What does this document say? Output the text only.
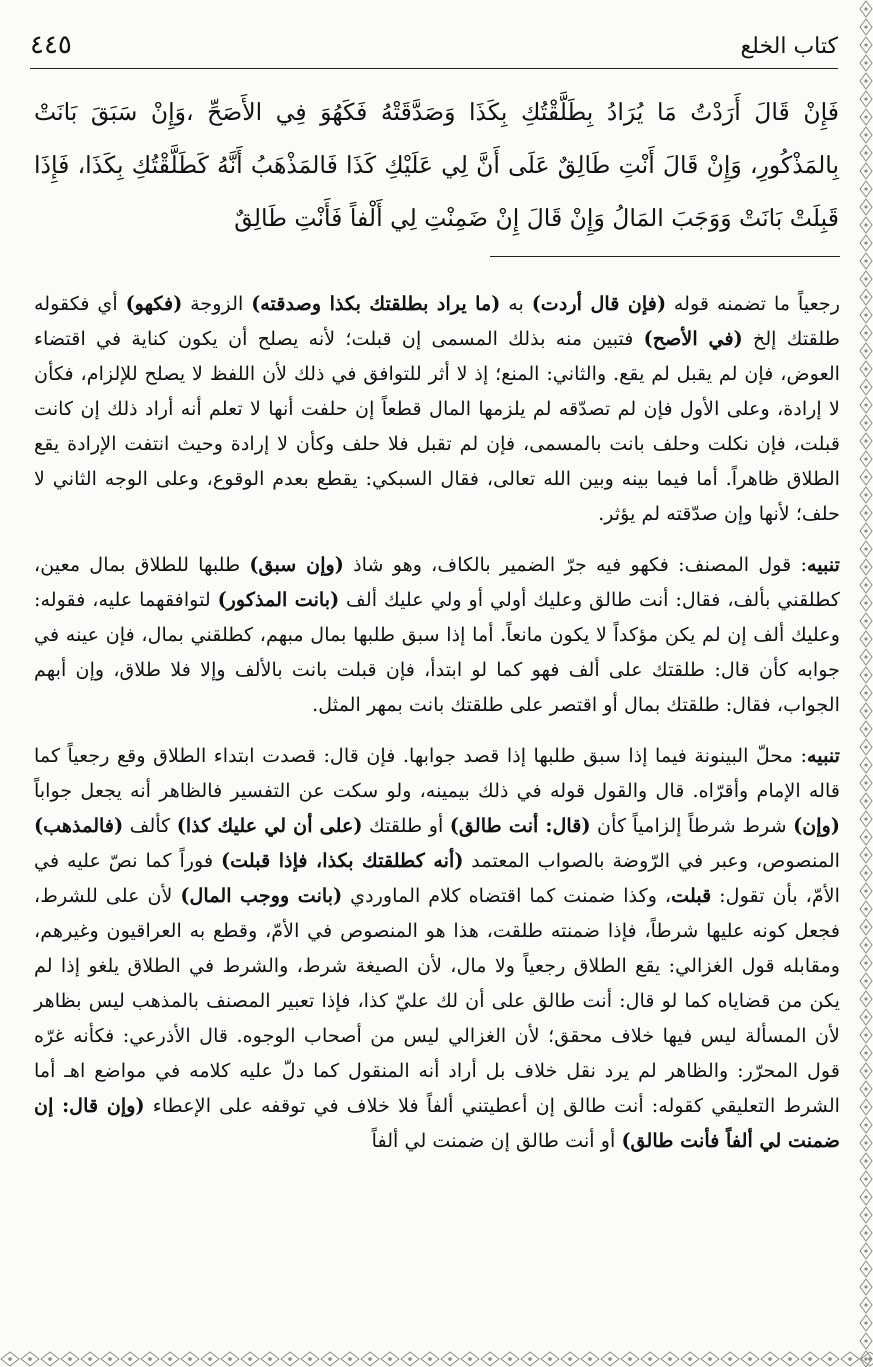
كتاب الخلع
٤٤٥
فَإِنْ قَالَ أَرَدْتُ مَا يُرَادُ بِطَلَّقْتُكِ بِكَذَا وَصَدَّقَتْهُ فَكَهُوَ فِي الأَصَحِّ ،وَإِنْ سَبَقَ بَانَتْ بِالمَذْكُورِ، وَإِنْ قَالَ أَنْتِ طَالِقٌ عَلَى أَنَّ لِي عَلَيْكِ كَذَا فَالمَذْهَبُ أَنَّهُ كَطَلَّقْتُكِ بِكَذَا، فَإِذَا قَبِلَتْ بَانَتْ وَوَجَبَ المَالُ وَإِنْ قَالَ إِنْ ضَمِنْتِ لِي أَلْفاً فَأَنْتِ طَالِقٌ

رجعياً ما تضمنه قوله (فإن قال أردت) به (ما يراد بطلقتك بكذا وصدقته) الزوجة (فكهو) أي فكقوله طلقتك إلخ (في الأصح) فتبين منه بذلك المسمى إن قبلت؛ لأنه يصلح أن يكون كناية في اقتضاء العوض، فإن لم يقبل لم يقع. والثاني: المنع؛ إذ لا أثر للتوافق في ذلك لأن اللفظ لا يصلح للإلزام، فكأن لا إرادة، وعلى الأول فإن لم تصدّقه لم يلزمها المال قطعاً إن حلفت أنها لا تعلم أنه أراد ذلك إن كانت قبلت، فإن نكلت وحلف بانت بالمسمى، فإن لم تقبل فلا حلف وكأن لا إرادة وحيث انتفت الإرادة يقع الطلاق ظاهراً. أما فيما بينه وبين الله تعالى، فقال السبكي: يقطع بعدم الوقوع، وعلى الوجه الثاني لا حلف؛ لأنها وإن صدّقته لم يؤثر.

تنبيه: قول المصنف: فكهو فيه جرّ الضمير بالكاف، وهو شاذ (وإن سبق) طلبها للطلاق بمال معين، كطلقني بألف، فقال: أنت طالق وعليك أولي أو ولي عليك ألف (بانت المذكور) لتوافقهما عليه، فقوله: وعليك ألف إن لم يكن مؤكداً لا يكون مانعاً. أما إذا سبق طلبها بمال مبهم، كطلقني بمال، فإن عينه في جوابه كأن قال: طلقتك على ألف فهو كما لو ابتدأ، فإن قبلت بانت بالألف وإلا فلا طلاق، وإن أبهم الجواب، فقال: طلقتك بمال أو اقتصر على طلقتك بانت بمهر المثل.

تنبيه: محلّ البينونة فيما إذا سبق طلبها إذا قصد جوابها. فإن قال: قصدت ابتداء الطلاق وقع رجعياً كما قاله الإمام وأقرّاه. قال والقول قوله في ذلك بيمينه، ولو سكت عن التفسير فالظاهر أنه يجعل جواباً (وإن) شرط شرطاً إلزامياً كأن (قال: أنت طالق) أو طلقتك (على أن لي عليك كذا) كألف (فالمذهب) المنصوص، وعبر في الرّوضة بالصواب المعتمد (أنه كطلقتك بكذا، فإذا قبلت) فوراً كما نصّ عليه في الأمّ، بأن تقول: قبلت، وكذا ضمنت كما اقتضاه كلام الماوردي (بانت ووجب المال) لأن على للشرط، فجعل كونه عليها شرطاً، فإذا ضمنته طلقت، هذا هو المنصوص في الأمّ، وقطع به العراقيون وغيرهم، ومقابله قول الغزالي: يقع الطلاق رجعياً ولا مال، لأن الصيغة شرط، والشرط في الطلاق يلغو إذا لم يكن من قضاياه كما لو قال: أنت طالق على أن لك عليّ كذا، فإذا تعبير المصنف بالمذهب ليس بظاهر لأن المسألة ليس فيها خلاف محقق؛ لأن الغزالي ليس من أصحاب الوجوه. قال الأذرعي: فكأنه غرّه قول المحرّر: والظاهر لم يرد نقل خلاف بل أراد أنه المنقول كما دلّ عليه كلامه في مواضع اهـ أما الشرط التعليقي كقوله: أنت طالق إن أعطيتني ألفاً فلا خلاف في توقفه على الإعطاء (وإن قال: إن ضمنت لي ألفاً فأنت طالق) أو أنت طالق إن ضمنت لي ألفاً
